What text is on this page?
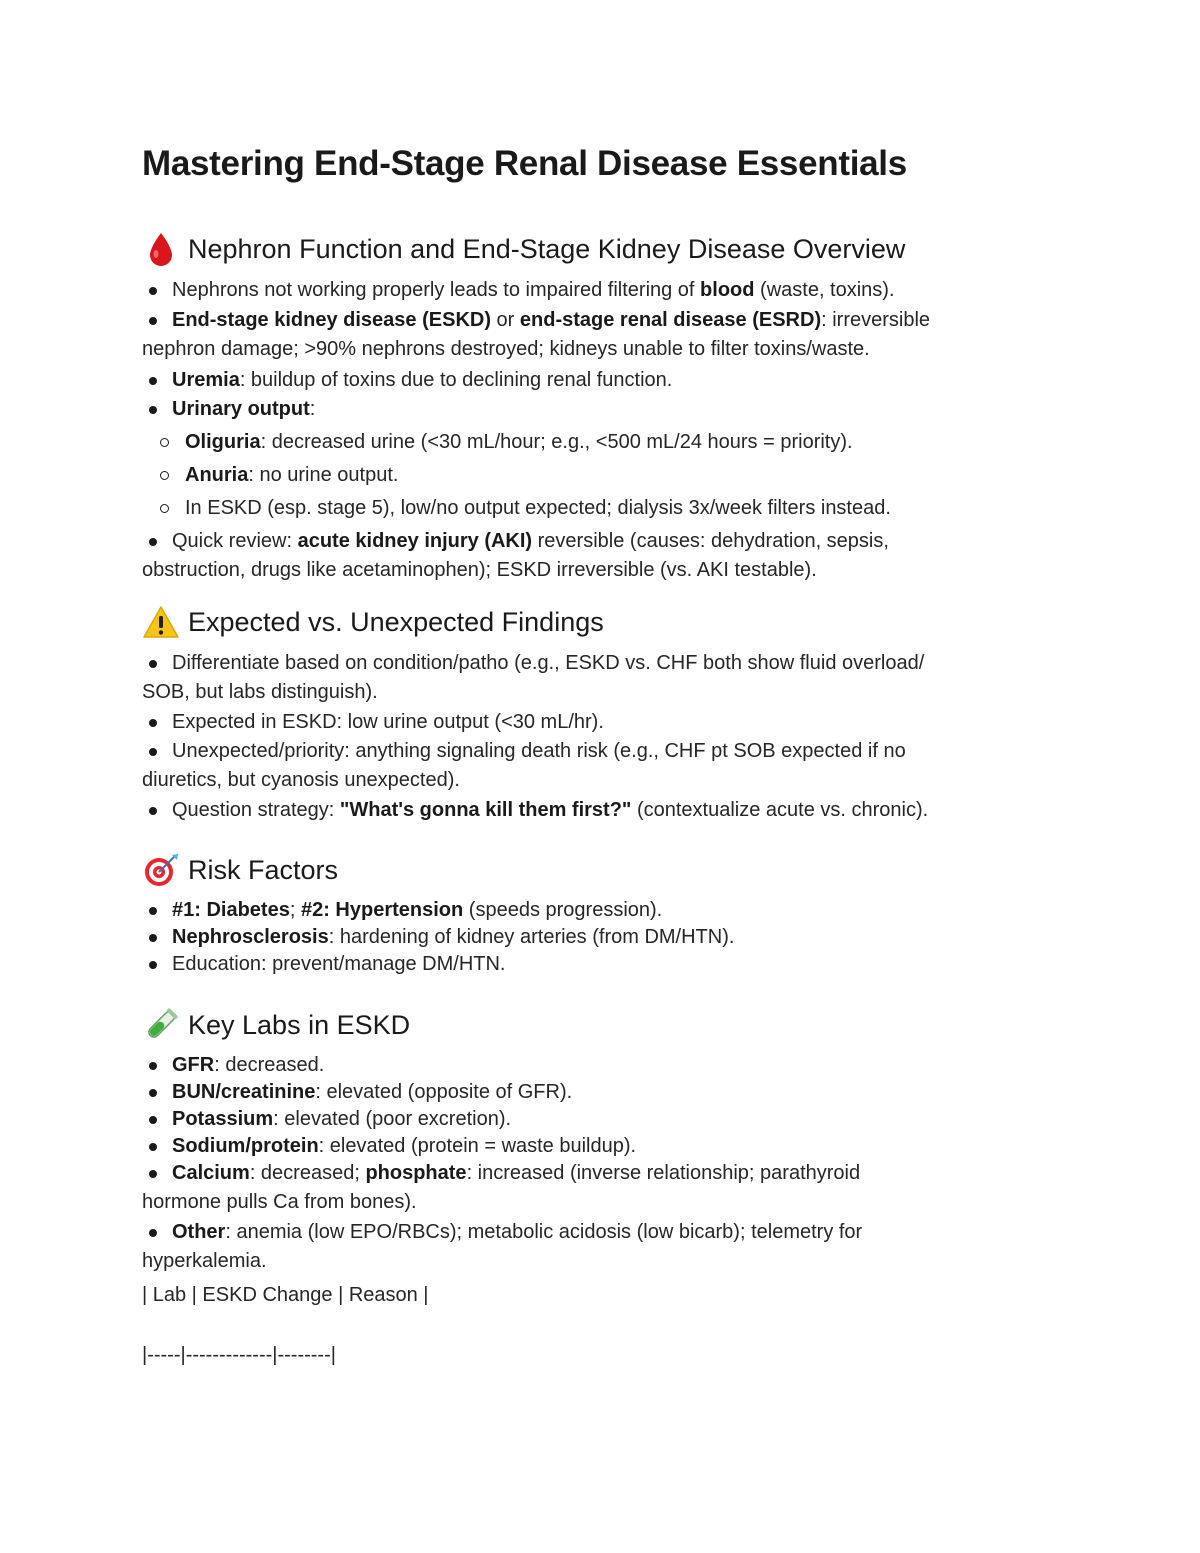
Mastering End-Stage Renal Disease Essentials
Nephron Function and End-Stage Kidney Disease Overview
Nephrons not working properly leads to impaired filtering of blood (waste, toxins).
End-stage kidney disease (ESKD) or end-stage renal disease (ESRD): irreversible
nephron damage; >90% nephrons destroyed; kidneys unable to filter toxins/waste.
Uremia: buildup of toxins due to declining renal function.
Urinary output:
Oliguria: decreased urine (<30 mL/hour; e.g., <500 mL/24 hours = priority).
Anuria: no urine output.
In ESKD (esp. stage 5), low/no output expected; dialysis 3x/week filters instead.
Quick review: acute kidney injury (AKI) reversible (causes: dehydration, sepsis,
obstruction, drugs like acetaminophen); ESKD irreversible (vs. AKI testable).
Expected vs. Unexpected Findings
Differentiate based on condition/patho (e.g., ESKD vs. CHF both show fluid overload/
SOB, but labs distinguish).
Expected in ESKD: low urine output (<30 mL/hr).
Unexpected/priority: anything signaling death risk (e.g., CHF pt SOB expected if no
diuretics, but cyanosis unexpected).
Question strategy: "What's gonna kill them first?" (contextualize acute vs. chronic).
Risk Factors
#1: Diabetes; #2: Hypertension (speeds progression).
Nephrosclerosis: hardening of kidney arteries (from DM/HTN).
Education: prevent/manage DM/HTN.
Key Labs in ESKD
GFR: decreased.
BUN/creatinine: elevated (opposite of GFR).
Potassium: elevated (poor excretion).
Sodium/protein: elevated (protein = waste buildup).
Calcium: decreased; phosphate: increased (inverse relationship; parathyroid
hormone pulls Ca from bones).
Other: anemia (low EPO/RBCs); metabolic acidosis (low bicarb); telemetry for
hyperkalemia.
| Lab | ESKD Change | Reason |
|-----|-------------|--------|
